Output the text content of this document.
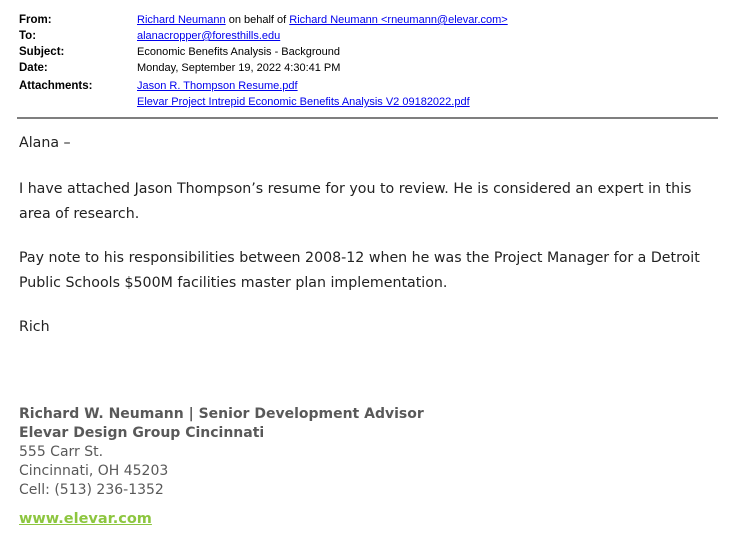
From:	Richard Neumann on behalf of Richard Neumann <rneumann@elevar.com>
To:	alanacropper@foresthills.edu
Subject:	Economic Benefits Analysis - Background
Date:	Monday, September 19, 2022 4:30:41 PM
Attachments:	Jason R. Thompson Resume.pdf
Elevar Project Intrepid Economic Benefits Analysis V2 09182022.pdf

Alana –

I have attached Jason Thompson’s resume for you to review. He is considered an expert in this area of research.

Pay note to his responsibilities between 2008-12 when he was the Project Manager for a Detroit Public Schools $500M facilities master plan implementation.

Rich

Richard W. Neumann | Senior Development Advisor
Elevar Design Group Cincinnati
555 Carr St.
Cincinnati, OH 45203
Cell: (513) 236-1352
www.elevar.com
